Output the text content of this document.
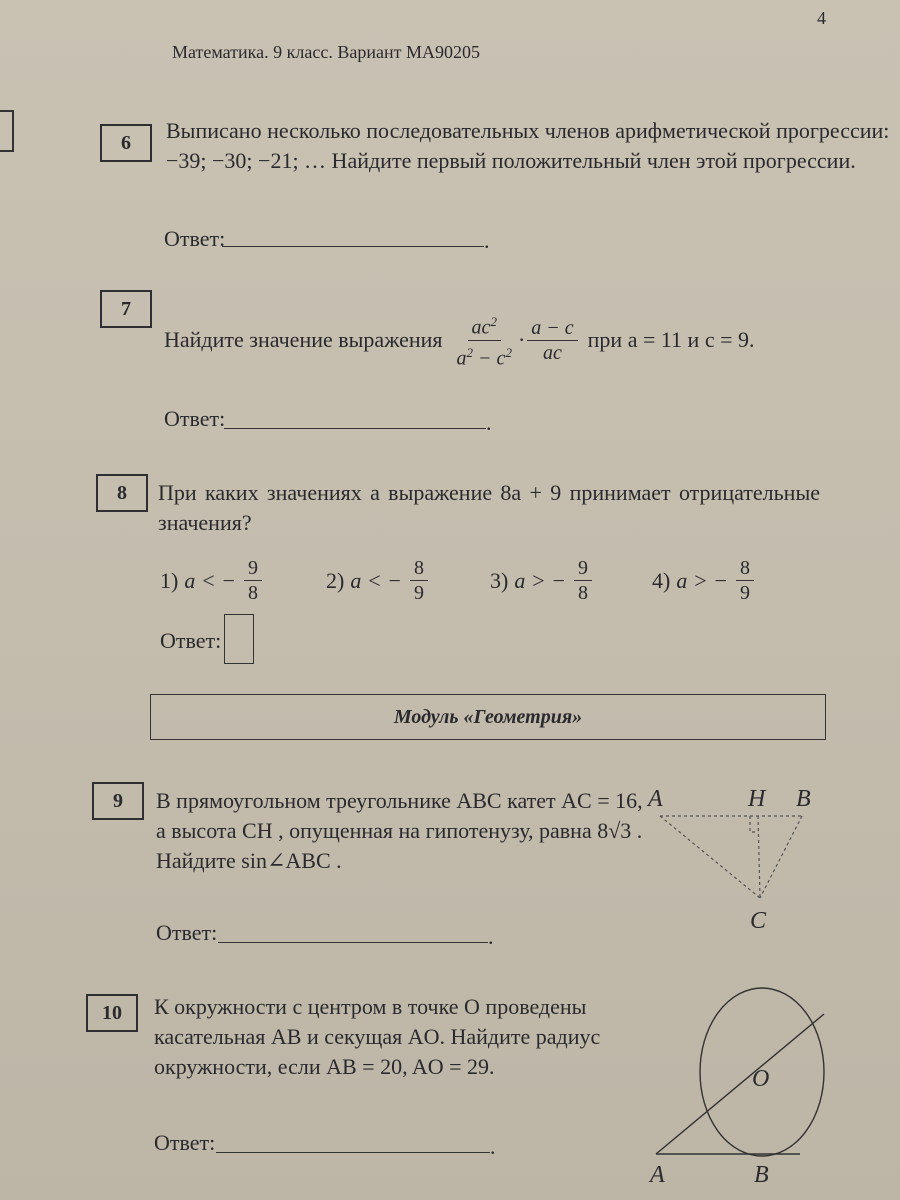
4
Математика. 9 класс. Вариант МА90205
6	Выписано несколько последовательных членов арифметической прогрессии:
−39; −30; −21; … Найдите первый положительный член этой прогрессии.
Ответ:	.
7
Найдите значение выражения $\frac{ac^2}{a^2 - c^2} \cdot \frac{a - c}{ac}$ при a = 11 и c = 9.
Ответ:	.
8	При каких значениях a выражение 8a + 9 принимает отрицательные
значения?
1) a < − $\frac{9}{8}$	2) a < − $\frac{8}{9}$	3) a > − $\frac{9}{8}$	4) a > − $\frac{8}{9}$
Ответ:
Модуль «Геометрия»
9	В прямоугольном треугольнике ABC катет AC = 16,
а высота CH , опущенная на гипотенузу, равна 8√3 .
Найдите sin∠ABC .
Ответ:	.
A	H B
C
10	К окружности с центром в точке O проведены
касательная AB и секущая AO. Найдите радиус
окружности, если AB = 20, AO = 29.
Ответ:	.
O
A	B
